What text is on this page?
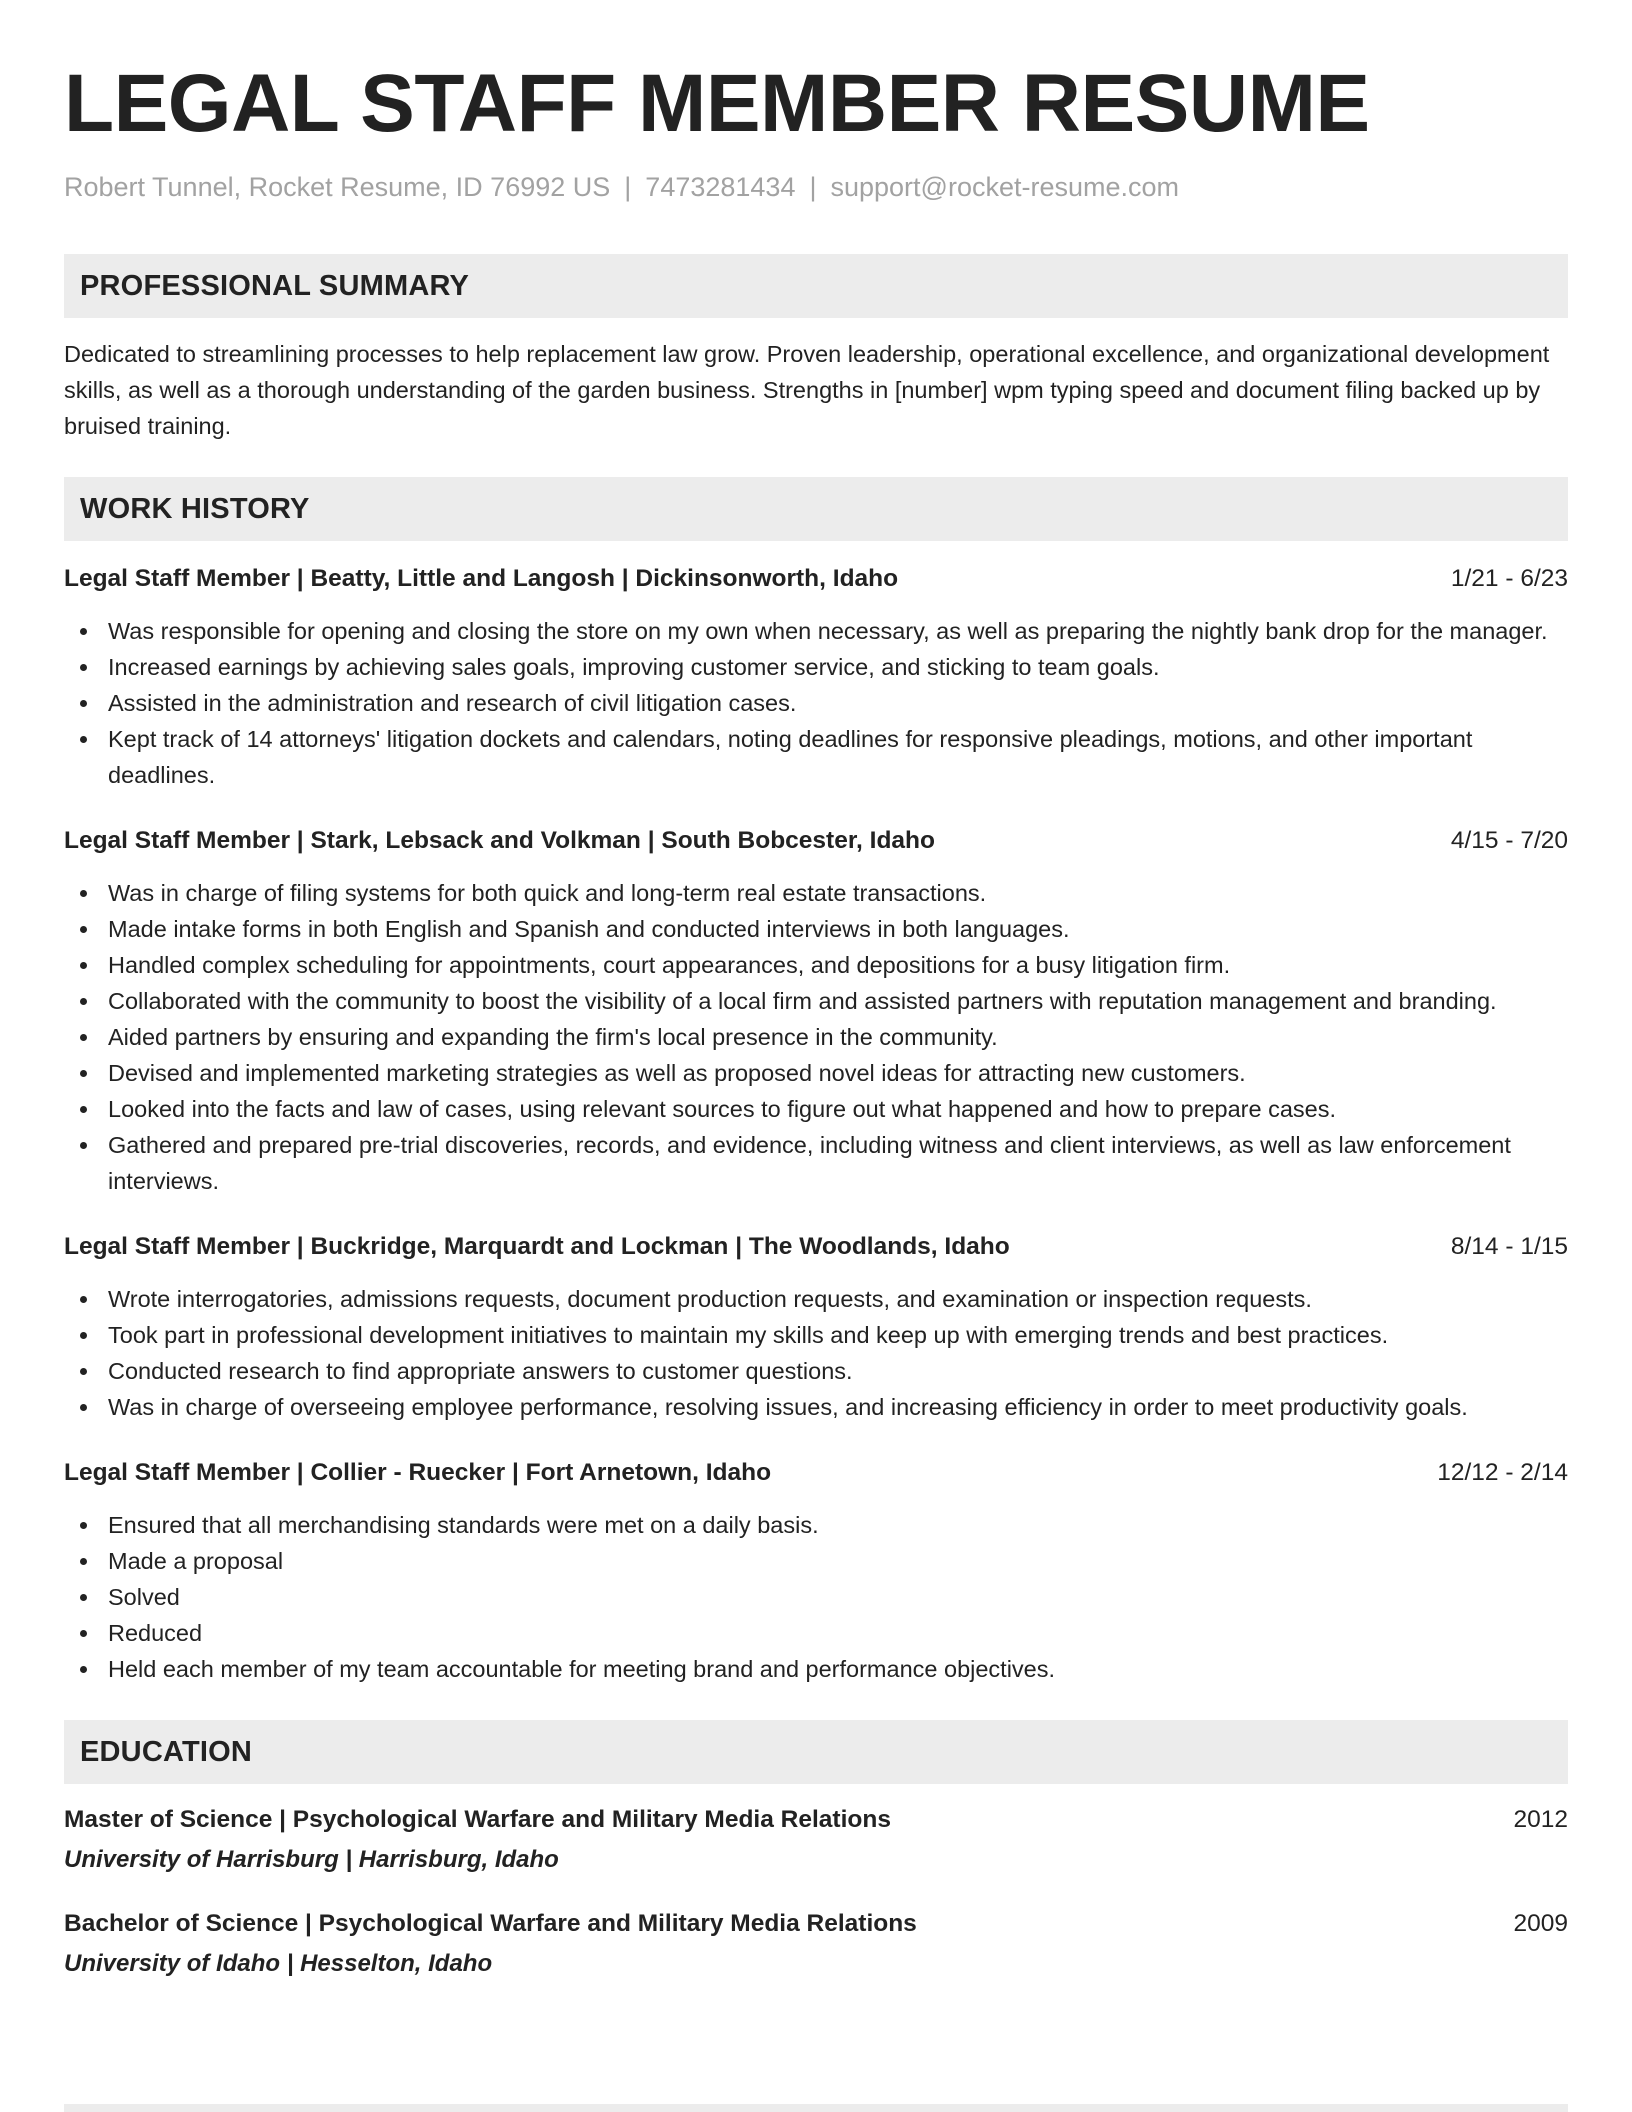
LEGAL STAFF MEMBER RESUME
Robert Tunnel, Rocket Resume, ID 76992 US | 7473281434 | support@rocket-resume.com
PROFESSIONAL SUMMARY
Dedicated to streamlining processes to help replacement law grow. Proven leadership, operational excellence, and organizational development skills, as well as a thorough understanding of the garden business. Strengths in [number] wpm typing speed and document filing backed up by bruised training.
WORK HISTORY
Legal Staff Member | Beatty, Little and Langosh | Dickinsonworth, Idaho	1/21 - 6/23
Was responsible for opening and closing the store on my own when necessary, as well as preparing the nightly bank drop for the manager.
Increased earnings by achieving sales goals, improving customer service, and sticking to team goals.
Assisted in the administration and research of civil litigation cases.
Kept track of 14 attorneys' litigation dockets and calendars, noting deadlines for responsive pleadings, motions, and other important deadlines.
Legal Staff Member | Stark, Lebsack and Volkman | South Bobcester, Idaho	4/15 - 7/20
Was in charge of filing systems for both quick and long-term real estate transactions.
Made intake forms in both English and Spanish and conducted interviews in both languages.
Handled complex scheduling for appointments, court appearances, and depositions for a busy litigation firm.
Collaborated with the community to boost the visibility of a local firm and assisted partners with reputation management and branding.
Aided partners by ensuring and expanding the firm's local presence in the community.
Devised and implemented marketing strategies as well as proposed novel ideas for attracting new customers.
Looked into the facts and law of cases, using relevant sources to figure out what happened and how to prepare cases.
Gathered and prepared pre-trial discoveries, records, and evidence, including witness and client interviews, as well as law enforcement interviews.
Legal Staff Member | Buckridge, Marquardt and Lockman | The Woodlands, Idaho	8/14 - 1/15
Wrote interrogatories, admissions requests, document production requests, and examination or inspection requests.
Took part in professional development initiatives to maintain my skills and keep up with emerging trends and best practices.
Conducted research to find appropriate answers to customer questions.
Was in charge of overseeing employee performance, resolving issues, and increasing efficiency in order to meet productivity goals.
Legal Staff Member | Collier - Ruecker | Fort Arnetown, Idaho	12/12 - 2/14
Ensured that all merchandising standards were met on a daily basis.
Made a proposal
Solved
Reduced
Held each member of my team accountable for meeting brand and performance objectives.
EDUCATION
Master of Science | Psychological Warfare and Military Media Relations	2012
University of Harrisburg | Harrisburg, Idaho
Bachelor of Science | Psychological Warfare and Military Media Relations	2009
University of Idaho | Hesselton, Idaho
